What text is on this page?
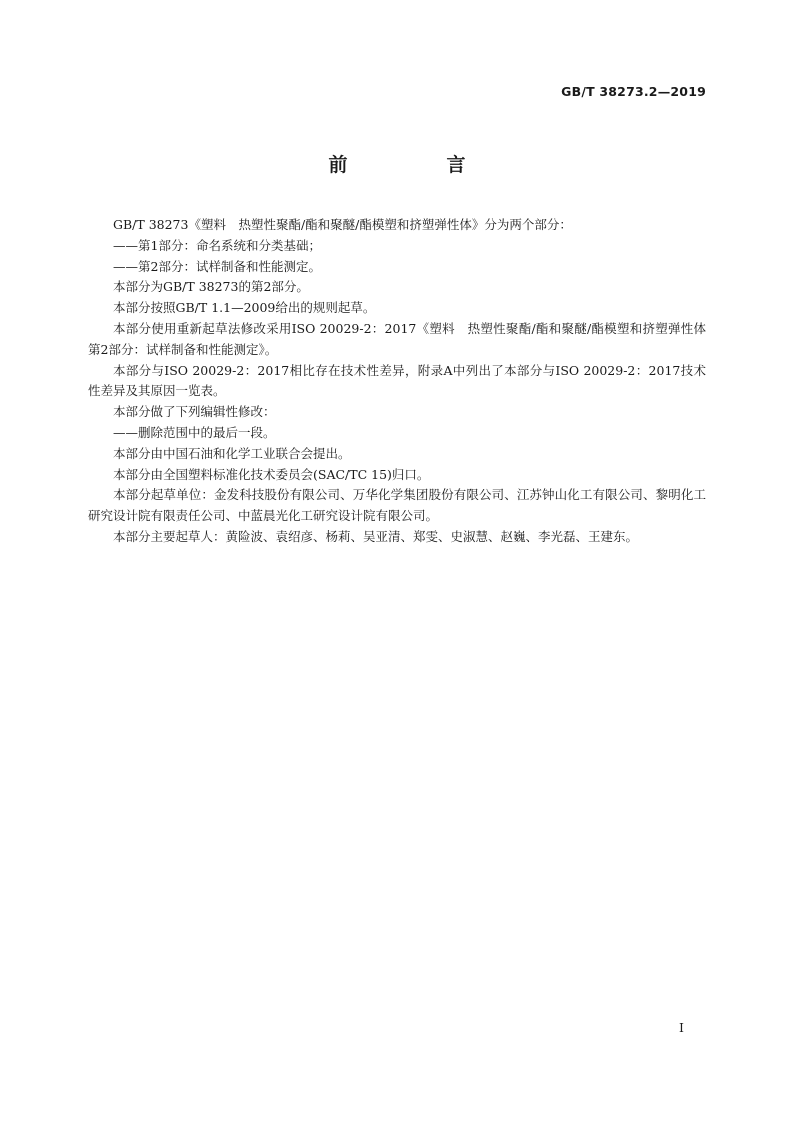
GB/T 38273.2—2019
前　言

GB/T 38273《塑料　热塑性聚酯/酯和聚醚/酯模塑和挤塑弹性体》分为两个部分：

——第1部分：命名系统和分类基础；

——第2部分：试样制备和性能测定。

本部分为GB/T 38273的第2部分。

本部分按照GB/T 1.1—2009给出的规则起草。

本部分使用重新起草法修改采用ISO 20029-2：2017《塑料　热塑性聚酯/酯和聚醚/酯模塑和挤塑弹性体　第2部分：试样制备和性能测定》。

本部分与ISO 20029-2：2017相比存在技术性差异，附录A中列出了本部分与ISO 20029-2：2017技术性差异及其原因一览表。

本部分做了下列编辑性修改：

——删除范围中的最后一段。

本部分由中国石油和化学工业联合会提出。

本部分由全国塑料标准化技术委员会(SAC/TC 15)归口。

本部分起草单位：金发科技股份有限公司、万华化学集团股份有限公司、江苏钟山化工有限公司、黎明化工研究设计院有限责任公司、中蓝晨光化工研究设计院有限公司。

本部分主要起草人：黄险波、袁绍彦、杨莉、吴亚清、郑雯、史淑慧、赵巍、李光磊、王建东。

I
